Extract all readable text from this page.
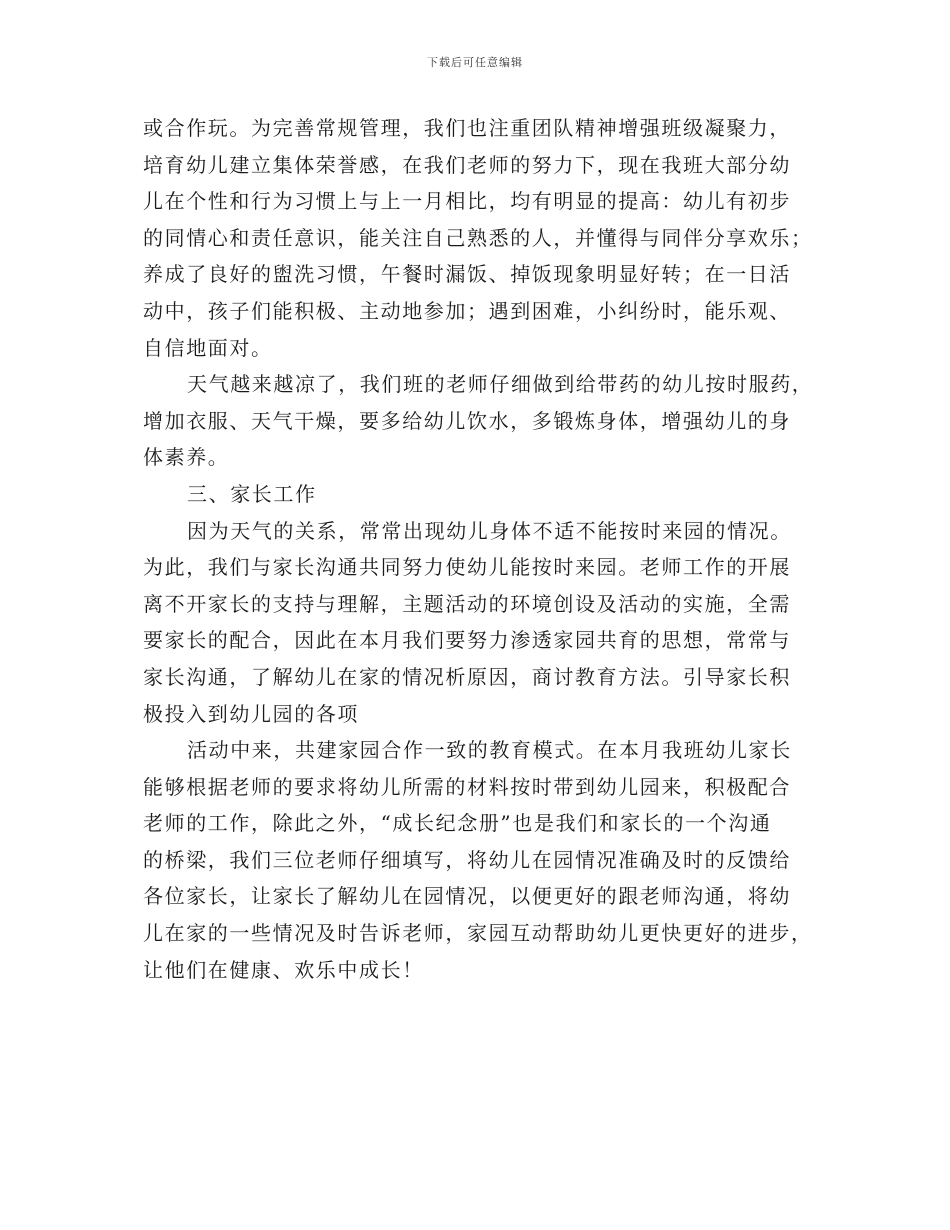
下载后可任意编辑
或合作玩。为完善常规管理，我们也注重团队精神增强班级凝聚力，
培育幼儿建立集体荣誉感，在我们老师的努力下，现在我班大部分幼
儿在个性和行为习惯上与上一月相比，均有明显的提高：幼儿有初步
的同情心和责任意识，能关注自己熟悉的人，并懂得与同伴分享欢乐；
养成了良好的盥洗习惯，午餐时漏饭、掉饭现象明显好转；在一日活
动中，孩子们能积极、主动地参加；遇到困难，小纠纷时，能乐观、
自信地面对。
天气越来越凉了，我们班的老师仔细做到给带药的幼儿按时服药，
增加衣服、天气干燥，要多给幼儿饮水，多锻炼身体，增强幼儿的身
体素养。
三、家长工作
因为天气的关系，常常出现幼儿身体不适不能按时来园的情况。
为此，我们与家长沟通共同努力使幼儿能按时来园。老师工作的开展
离不开家长的支持与理解，主题活动的环境创设及活动的实施，全需
要家长的配合，因此在本月我们要努力渗透家园共育的思想，常常与
家长沟通，了解幼儿在家的情况析原因，商讨教育方法。引导家长积
极投入到幼儿园的各项
活动中来，共建家园合作一致的教育模式。在本月我班幼儿家长
能够根据老师的要求将幼儿所需的材料按时带到幼儿园来，积极配合
老师的工作，除此之外，“成长纪念册”也是我们和家长的一个沟通
的桥梁，我们三位老师仔细填写，将幼儿在园情况准确及时的反馈给
各位家长，让家长了解幼儿在园情况，以便更好的跟老师沟通，将幼
儿在家的一些情况及时告诉老师，家园互动帮助幼儿更快更好的进步，
让他们在健康、欢乐中成长！
